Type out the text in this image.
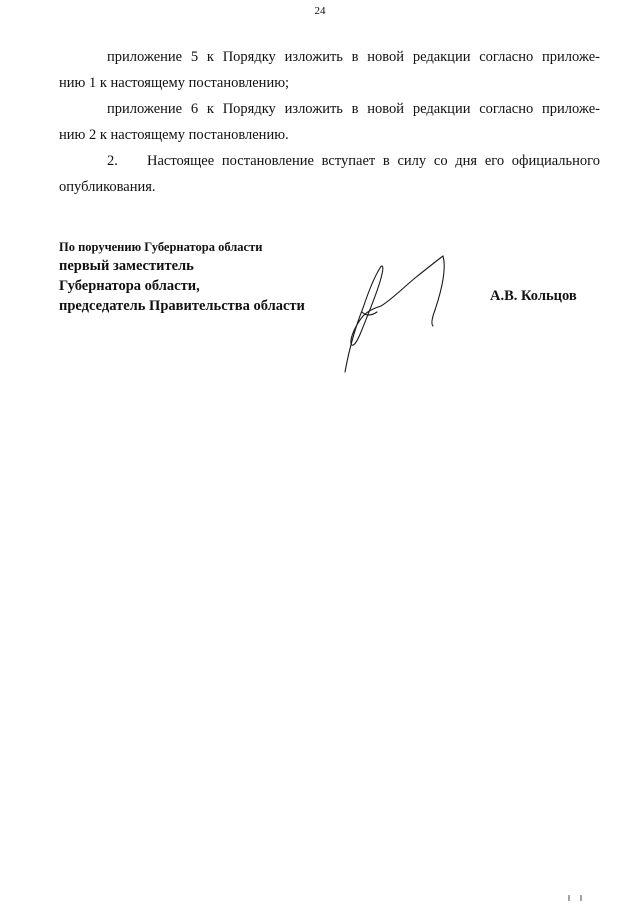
24
приложение 5 к Порядку изложить в новой редакции согласно приложе-
нию 1 к настоящему постановлению;
приложение 6 к Порядку изложить в новой редакции согласно приложе-
нию 2 к настоящему постановлению.
2.	Настоящее постановление вступает в силу со дня его официального
опубликования.
По поручению Губернатора области
первый заместитель
Губернатора области,
председатель Правительства области
А.В. Кольцов
